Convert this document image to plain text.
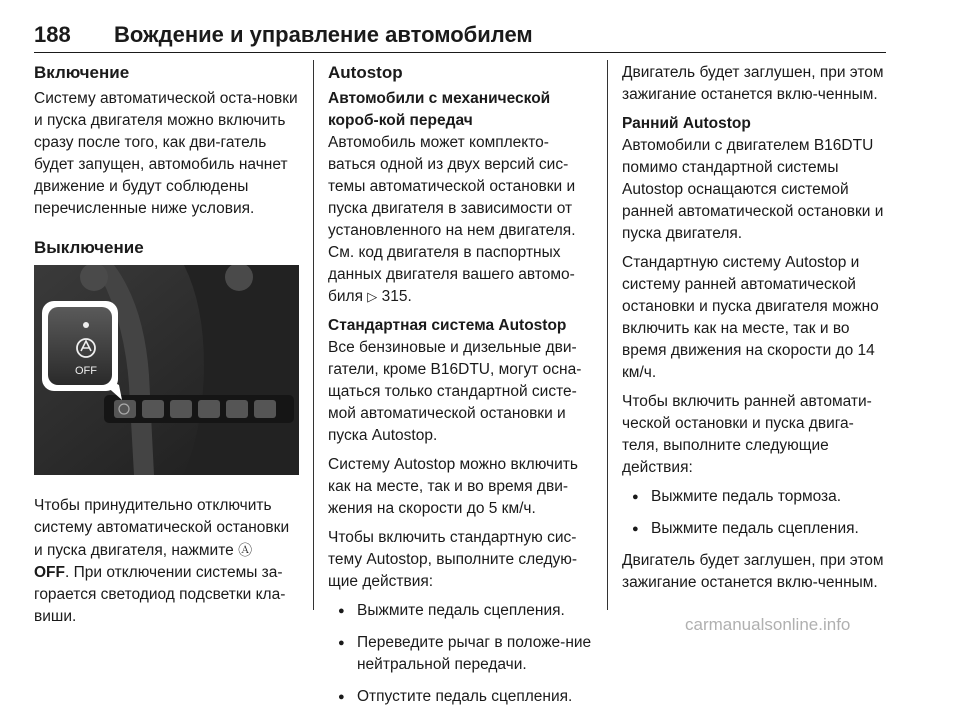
188 Вождение и управление автомобилем
Включение

Систему автоматической оста-новки и пуска двигателя можно включить сразу после того, как дви-гатель будет запущен, автомобиль начнет движение и будут соблюдены перечисленные ниже условия.

Выключение
OFF

Чтобы принудительно отключить систему автоматической остановки и пуска двигателя, нажмите Ⓐ
OFF. При отключении системы за-горается светодиод подсветки кла-виши.

Autostop
Автомобили с механической короб-кой передач

Автомобиль может комплекто-ваться одной из двух версий сис-темы автоматической остановки и пуска двигателя в зависимости от установленного на нем двигателя. См. код двигателя в паспортных данных двигателя вашего автомо-биля ▷ 315.

Стандартная система Autostop

Все бензиновые и дизельные дви-гатели, кроме B16DTU, могут осна-щаться только стандартной систе-мой автоматической остановки и пуска Autostop.

Систему Autostop можно включить как на месте, так и во время дви-жения на скорости до 5 км/ч.

Чтобы включить стандартную сис-тему Autostop, выполните следую-щие действия:

● Выжмите педаль сцепления.
● Переведите рычаг в положе-ние нейтральной передачи.
● Отпустите педаль сцепления.

Двигатель будет заглушен, при этом зажигание останется вклю-ченным.

Ранний Autostop

Автомобили с двигателем B16DTU помимо стандартной системы Autostop оснащаются системой ранней автоматической остановки и пуска двигателя.

Стандартную систему Autostop и систему ранней автоматической остановки и пуска двигателя можно включить как на месте, так и во время движения на скорости до 14 км/ч.

Чтобы включить ранней автомати-ческой остановки и пуска двига-теля, выполните следующие действия:

● Выжмите педаль тормоза.
● Выжмите педаль сцепления.

Двигатель будет заглушен, при этом зажигание останется вклю-ченным.

carmanualsonline.info
